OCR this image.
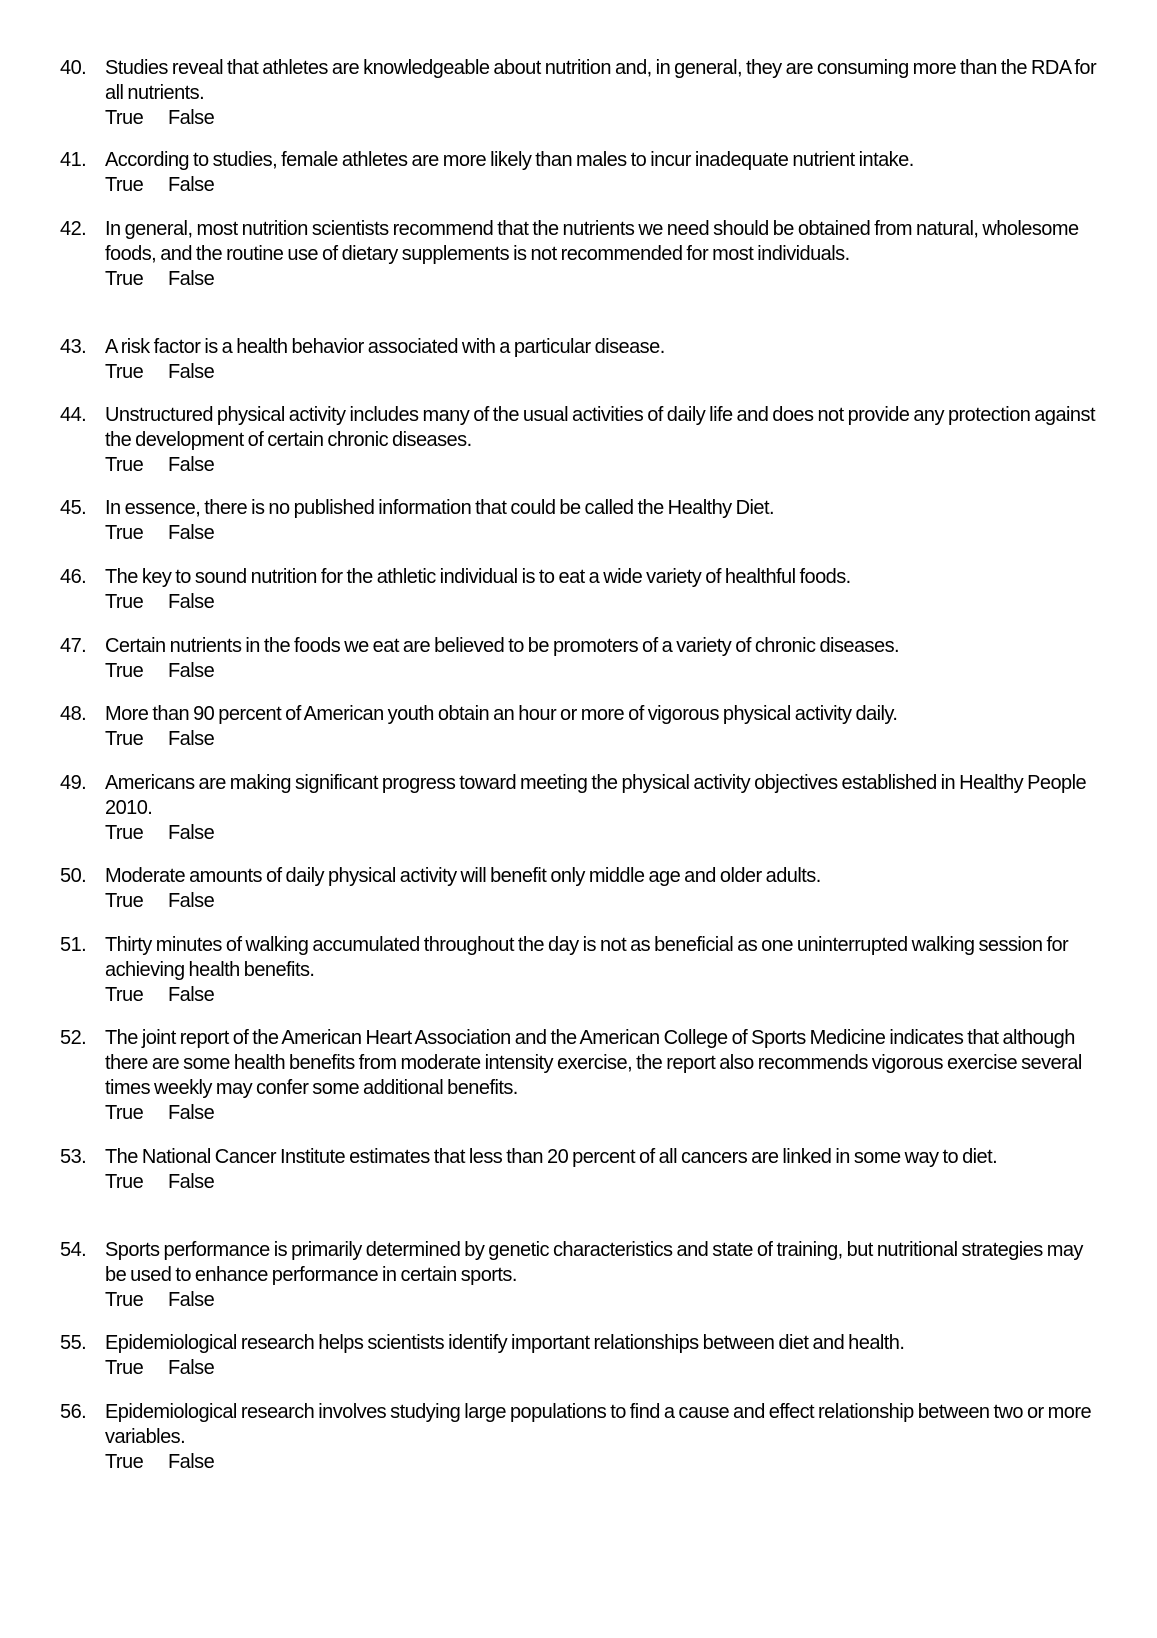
40. Studies reveal that athletes are knowledgeable about nutrition and, in general, they are consuming more than the RDA for all nutrients.
True False
41. According to studies, female athletes are more likely than males to incur inadequate nutrient intake.
True False
42. In general, most nutrition scientists recommend that the nutrients we need should be obtained from natural, wholesome foods, and the routine use of dietary supplements is not recommended for most individuals.
True False
43. A risk factor is a health behavior associated with a particular disease.
True False
44. Unstructured physical activity includes many of the usual activities of daily life and does not provide any protection against the development of certain chronic diseases.
True False
45. In essence, there is no published information that could be called the Healthy Diet.
True False
46. The key to sound nutrition for the athletic individual is to eat a wide variety of healthful foods.
True False
47. Certain nutrients in the foods we eat are believed to be promoters of a variety of chronic diseases.
True False
48. More than 90 percent of American youth obtain an hour or more of vigorous physical activity daily.
True False
49. Americans are making significant progress toward meeting the physical activity objectives established in Healthy People 2010.
True False
50. Moderate amounts of daily physical activity will benefit only middle age and older adults.
True False
51. Thirty minutes of walking accumulated throughout the day is not as beneficial as one uninterrupted walking session for achieving health benefits.
True False
52. The joint report of the American Heart Association and the American College of Sports Medicine indicates that although there are some health benefits from moderate intensity exercise, the report also recommends vigorous exercise several times weekly may confer some additional benefits.
True False
53. The National Cancer Institute estimates that less than 20 percent of all cancers are linked in some way to diet.
True False
54. Sports performance is primarily determined by genetic characteristics and state of training, but nutritional strategies may be used to enhance performance in certain sports.
True False
55. Epidemiological research helps scientists identify important relationships between diet and health.
True False
56. Epidemiological research involves studying large populations to find a cause and effect relationship between two or more variables.
True False
